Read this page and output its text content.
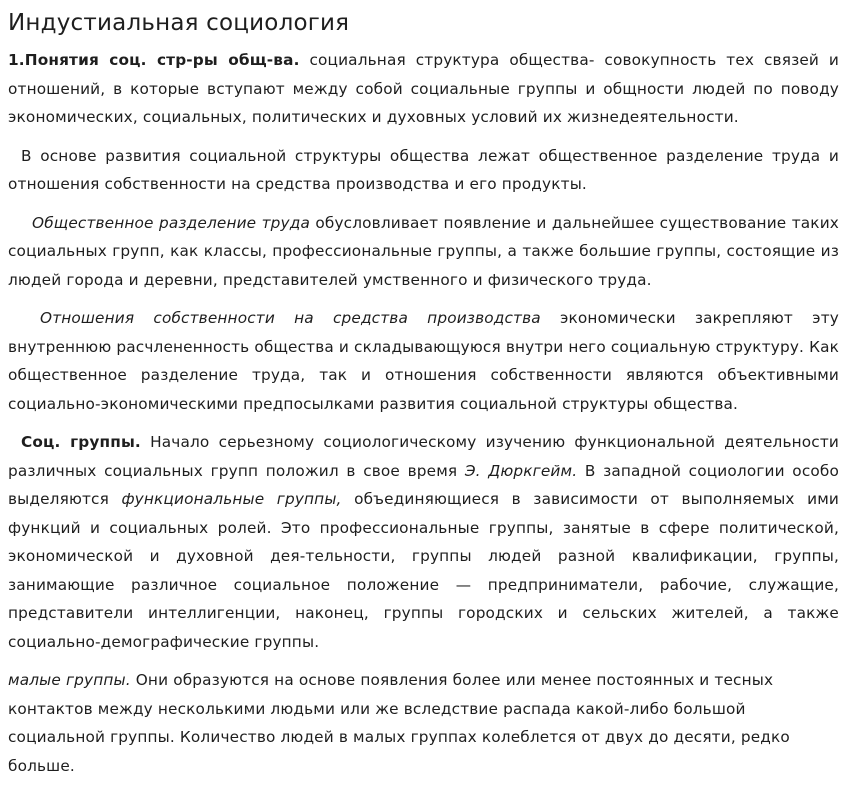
Индустиальная социология

1.Понятия соц. стр-ры общ-ва. социальная структура общества- совокупность тех связей и отношений, в которые вступают между собой социальные группы и общности людей по поводу экономических, социальных, политических и духовных условий их жизнедеятельности.

В основе развития социальной структуры общества лежат общественное разделение труда и отношения собственности на средства производства и его продукты.

Общественное разделение труда обусловливает появление и дальнейшее существование таких социальных групп, как классы, профессиональные группы, а также большие группы, состоящие из людей города и деревни, представителей умственного и физического труда.

Отношения собственности на средства производства экономически закрепляют эту внутреннюю расчлененность общества и складывающуюся внутри него социальную структуру. Как общественное разделение труда, так и отношения собственности являются объективными социально-экономическими предпосылками развития социальной структуры общества.

Соц. группы. Начало серьезному социологическому изучению функциональной деятельности различных социальных групп положил в свое время Э. Дюркгейм. В западной социологии особо выделяются функциональные группы, объединяющиеся в зависимости от выполняемых ими функций и социальных ролей. Это профессиональные группы, занятые в сфере политической, экономической и духовной дея-тельности, группы людей разной квалификации, группы, занимающие различное социальное положение — предприниматели, рабочие, служащие, представители интеллигенции, наконец, группы городских и сельских жителей, а также социально-демографические группы.

малые группы. Они образуются на основе появления более или менее постоянных и тесных контактов между несколькими людьми или же вследствие распада какой-либо большой социальной группы. Количество людей в малых группах колеблется от двух до десяти, редко больше.
